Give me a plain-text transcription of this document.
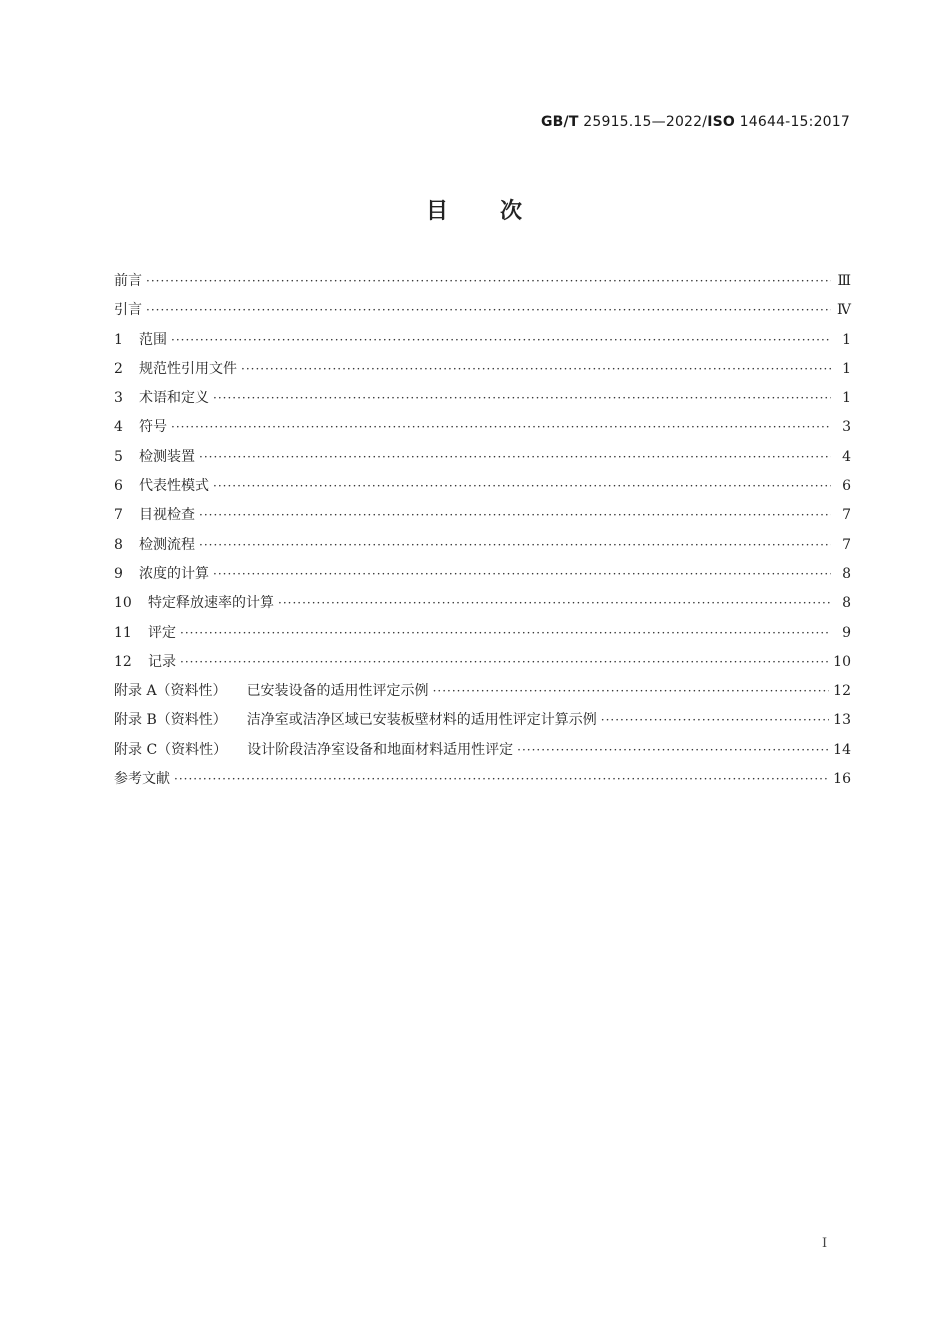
GB/T 25915.15—2022/ISO 14644-15:2017
目 次
前言 ·····	Ⅲ
引言 ·····	Ⅳ
1	范围 ·····	1
2	规范性引用文件 ·····	1
3	术语和定义 ·····	1
4	符号 ·····	3
5	检测装置 ·····	4
6	代表性模式 ·····	6
7	目视检查 ·····	7
8	检测流程 ·····	7
9	浓度的计算 ·····	8
10	特定释放速率的计算 ·····	8
11	评定 ·····	9
12	记录 ·····	10
附录 A（资料性） 已安装设备的适用性评定示例 ·····	12
附录 B（资料性） 洁净室或洁净区域已安装板壁材料的适用性评定计算示例 ·····	13
附录 C（资料性） 设计阶段洁净室设备和地面材料适用性评定 ·····	14
参考文献 ·····	16
I
